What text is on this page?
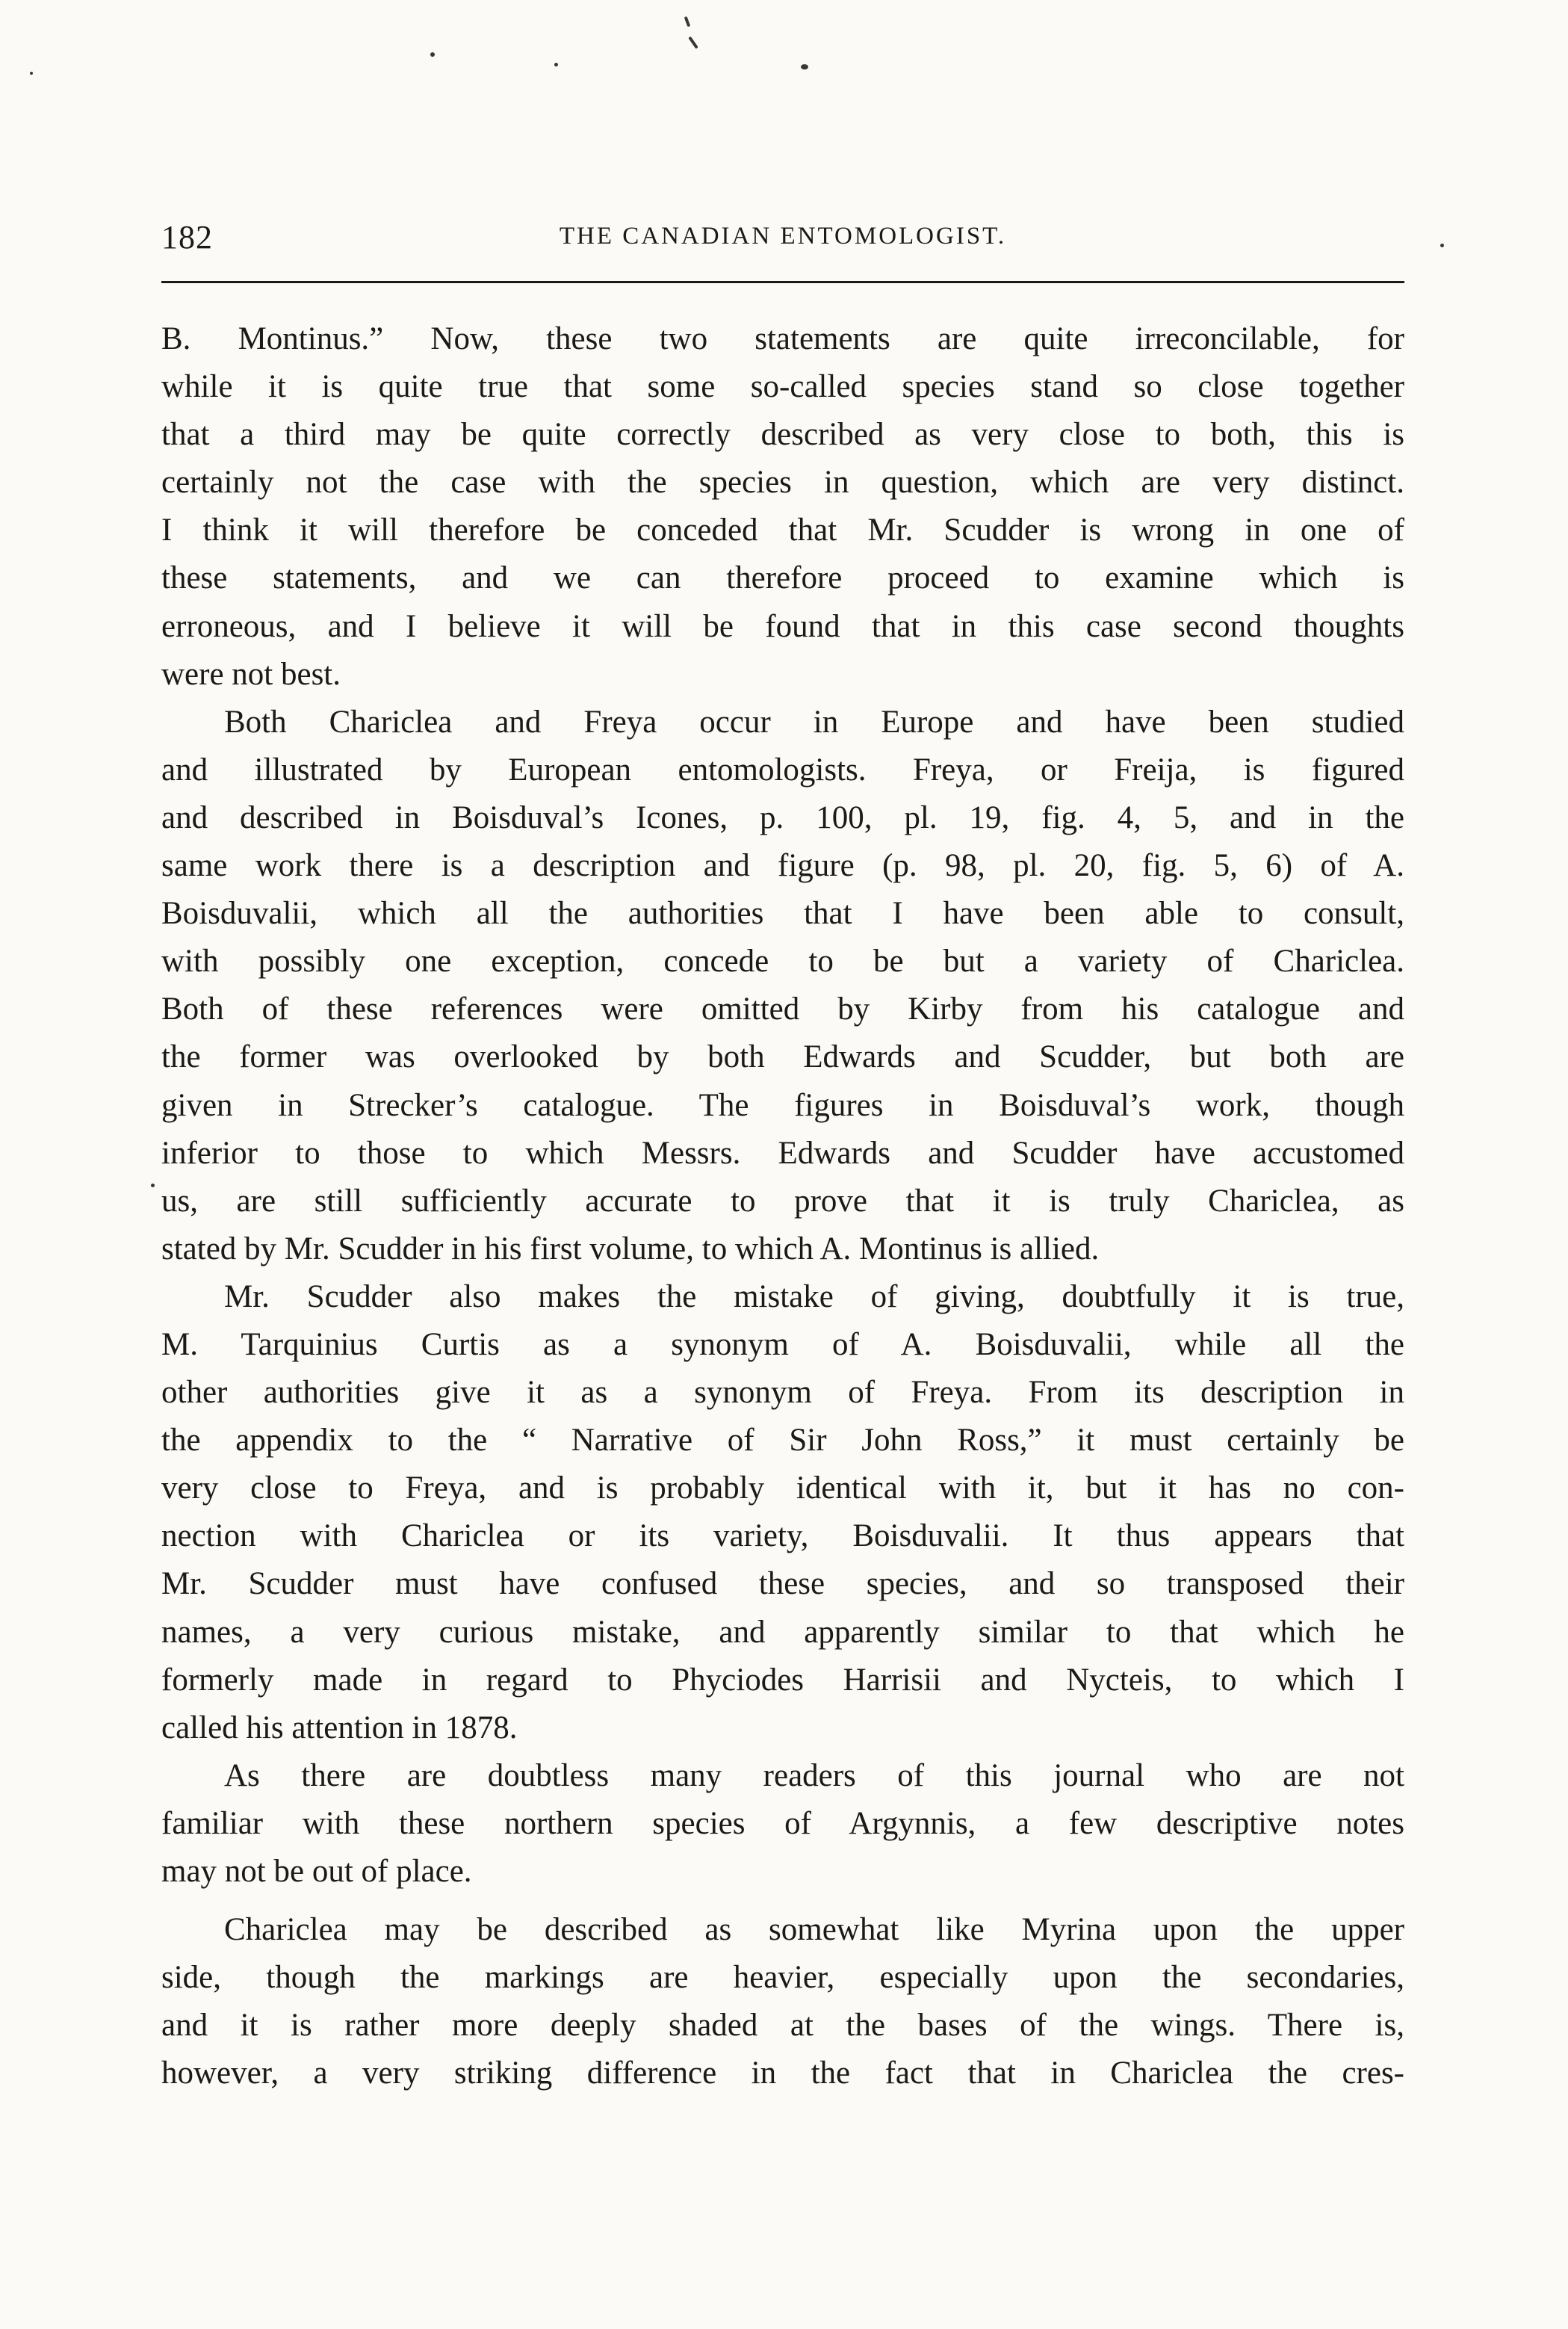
182	THE CANADIAN ENTOMOLOGIST.

B. Montinus.” Now, these two statements are quite irreconcilable, for
while it is quite true that some so-called species stand so close together
that a third may be quite correctly described as very close to both, this is
certainly not the case with the species in question, which are very distinct.
I think it will therefore be conceded that Mr. Scudder is wrong in one of
these statements, and we can therefore proceed to examine which is
erroneous, and I believe it will be found that in this case second thoughts
were not best.

Both Chariclea and Freya occur in Europe and have been studied
and illustrated by European entomologists. Freya, or Freija, is figured
and described in Boisduval’s Icones, p. 100, pl. 19, fig. 4, 5, and in the
same work there is a description and figure (p. 98, pl. 20, fig. 5, 6) of A.
Boisduvalii, which all the authorities that I have been able to consult,
with possibly one exception, concede to be but a variety of Chariclea.
Both of these references were omitted by Kirby from his catalogue and
the former was overlooked by both Edwards and Scudder, but both are
given in Strecker’s catalogue. The figures in Boisduval’s work, though
inferior to those to which Messrs. Edwards and Scudder have accustomed
us, are still sufficiently accurate to prove that it is truly Chariclea, as
stated by Mr. Scudder in his first volume, to which A. Montinus is allied.

Mr. Scudder also makes the mistake of giving, doubtfully it is true,
M. Tarquinius Curtis as a synonym of A. Boisduvalii, while all the
other authorities give it as a synonym of Freya. From its description in
the appendix to the “ Narrative of Sir John Ross,” it must certainly be
very close to Freya, and is probably identical with it, but it has no con-
nection with Chariclea or its variety, Boisduvalii. It thus appears that
Mr. Scudder must have confused these species, and so transposed their
names, a very curious mistake, and apparently similar to that which he
formerly made in regard to Phyciodes Harrisii and Nycteis, to which I
called his attention in 1878.

As there are doubtless many readers of this journal who are not
familiar with these northern species of Argynnis, a few descriptive notes
may not be out of place.

Chariclea may be described as somewhat like Myrina upon the upper
side, though the markings are heavier, especially upon the secondaries,
and it is rather more deeply shaded at the bases of the wings. There is,
however, a very striking difference in the fact that in Chariclea the cres-
